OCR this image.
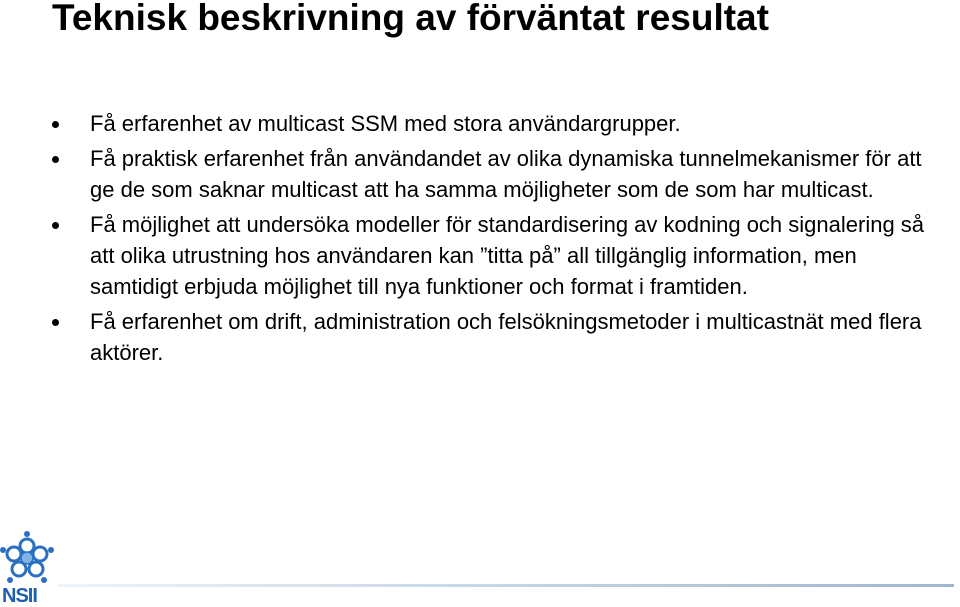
Teknisk beskrivning av förväntat resultat
Få erfarenhet av multicast SSM med stora användargrupper.
Få praktisk erfarenhet från användandet av olika dynamiska tunnelmekanismer för att ge de som saknar multicast att ha samma möjligheter som de som har multicast.
Få möjlighet att undersöka modeller för standardisering av kodning och signalering så att olika utrustning hos användaren kan ”titta på” all tillgänglig information, men samtidigt erbjuda möjlighet till nya funktioner och format i framtiden.
Få erfarenhet om drift, administration och felsökningsmetoder i multicastnät med flera aktörer.
NSII
